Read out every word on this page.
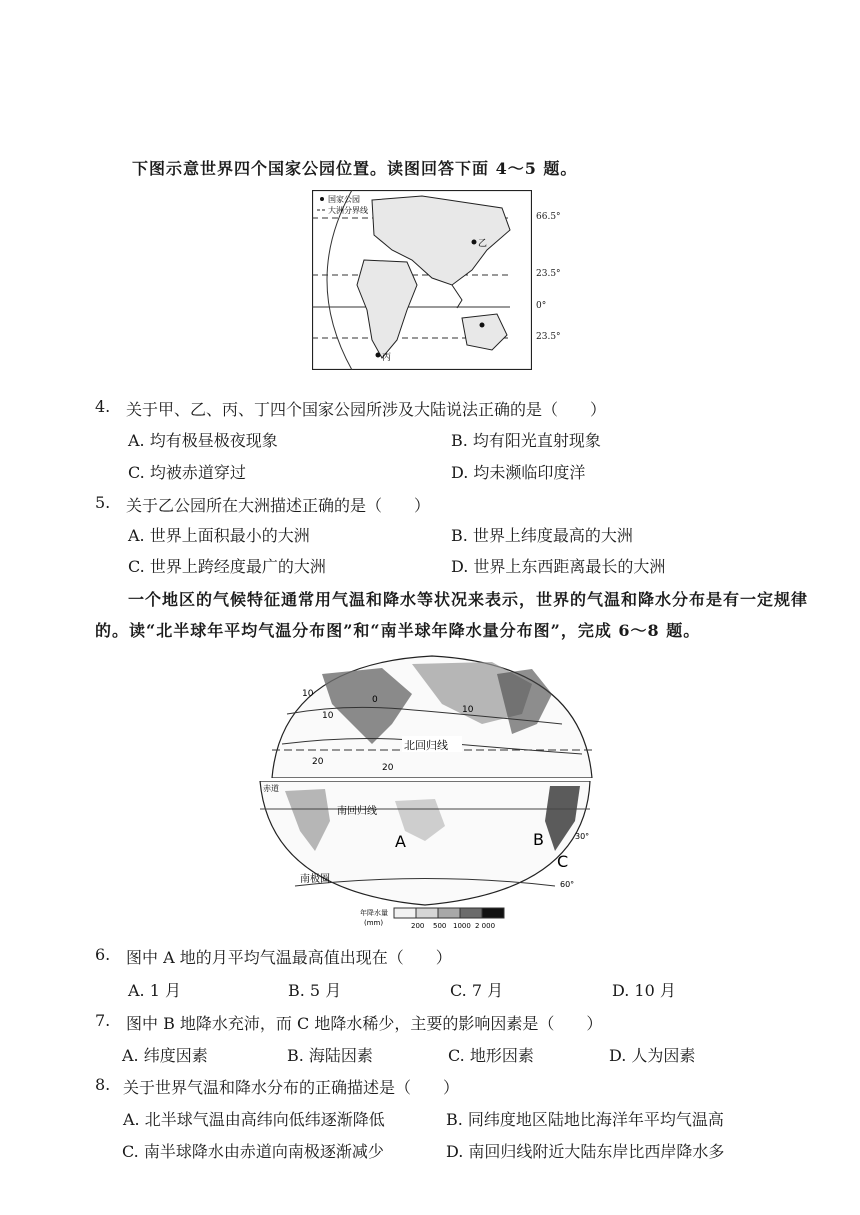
下图示意世界四个国家公园位置。读图回答下面 4～5 题。
国家公园
大洲分界线
乙
丙
66.5°
23.5°
0°
23.5°
4. 关于甲、乙、丙、丁四个国家公园所涉及大陆说法正确的是（　　）
A. 均有极昼极夜现象	B. 均有阳光直射现象
C. 均被赤道穿过	D. 均未濒临印度洋
5. 关于乙公园所在大洲描述正确的是（　　）
A. 世界上面积最小的大洲	B. 世界上纬度最高的大洲
C. 世界上跨经度最广的大洲	D. 世界上东西距离最长的大洲
一个地区的气候特征通常用气温和降水等状况来表示，世界的气温和降水分布是有一定规律
的。读“北半球年平均气温分布图”和“南半球年降水量分布图”，完成 6～8 题。
北回归线
10
10
10
0
20
20
赤道
南回归线
南极圈
A	B
C
30°
60°
年降水量
(mm)	200 500 1000 2 000
6. 图中 A 地的月平均气温最高值出现在（　　）
A. 1 月	B. 5 月	C. 7 月	D. 10 月
7. 图中 B 地降水充沛，而 C 地降水稀少，主要的影响因素是（　　）
A. 纬度因素	B. 海陆因素	C. 地形因素	D. 人为因素
8. 关于世界气温和降水分布的正确描述是（　　）
A. 北半球气温由高纬向低纬逐渐降低	B. 同纬度地区陆地比海洋年平均气温高
C. 南半球降水由赤道向南极逐渐减少	D. 南回归线附近大陆东岸比西岸降水多
